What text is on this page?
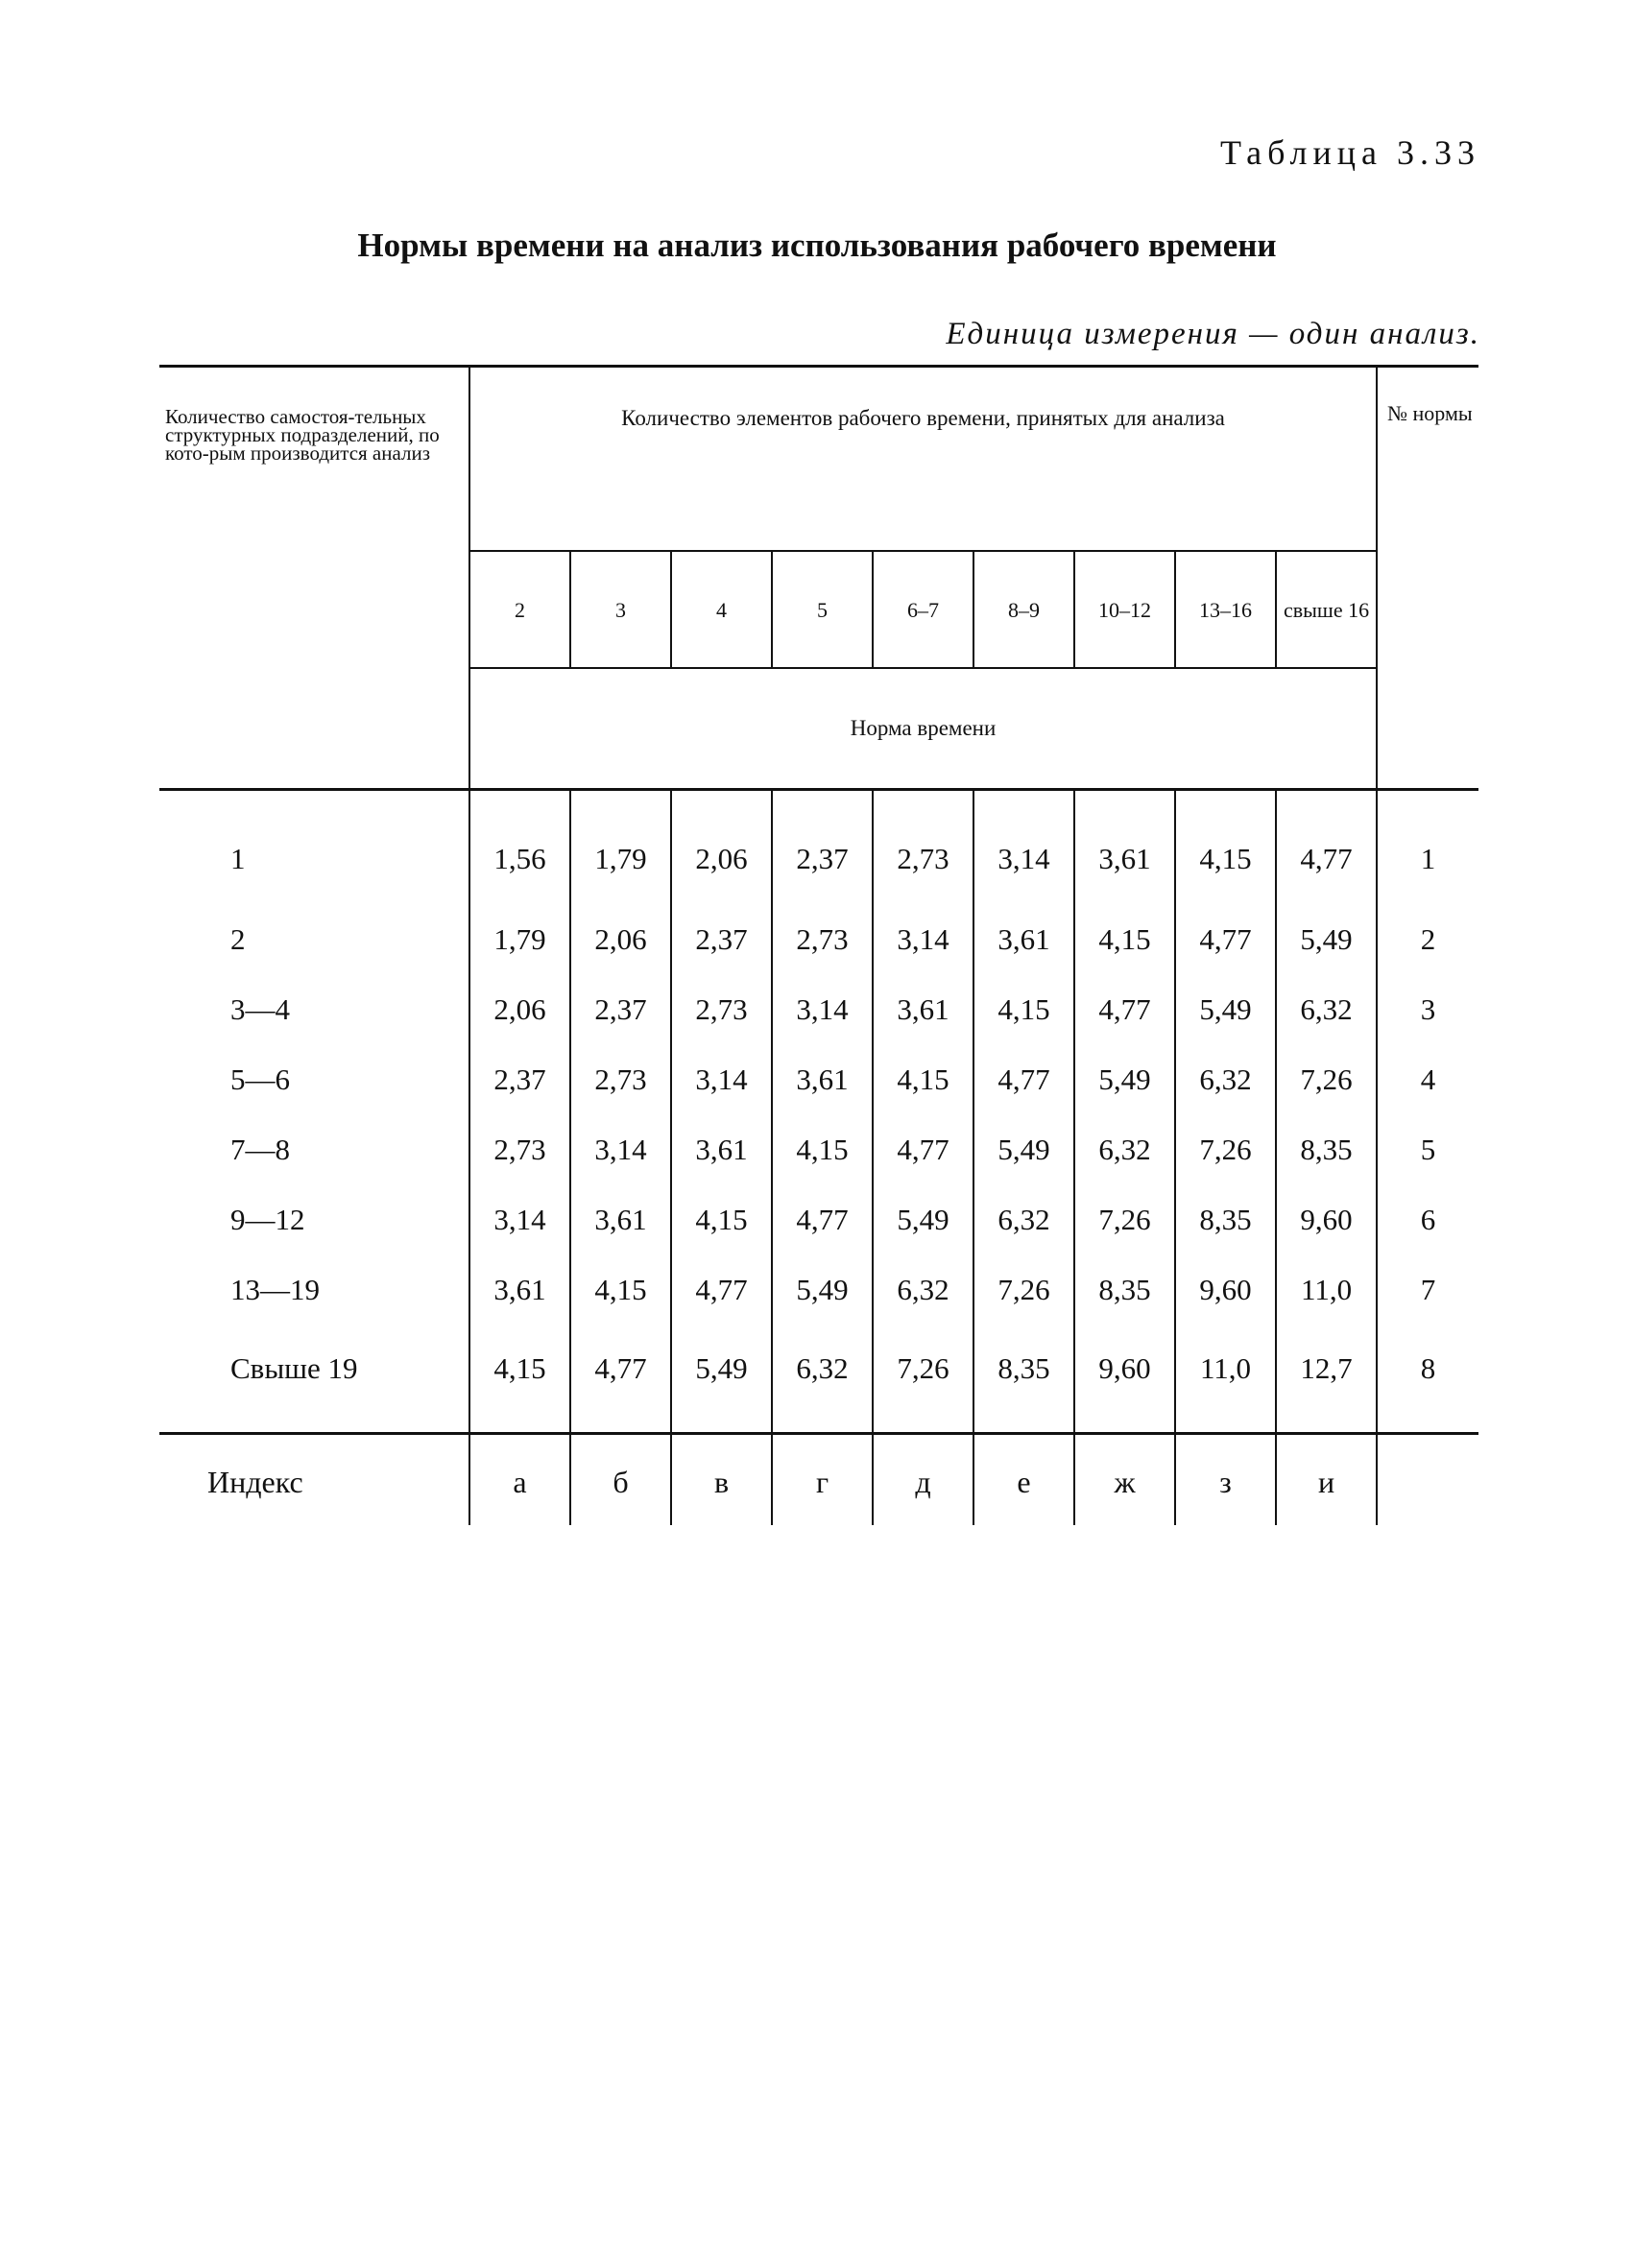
Таблица 3.33
Нормы времени на анализ использования рабочего времени
Единица измерения — один анализ.
Количество самостоя-тельных структурных подразделений, по кото-рым производится анализ	Количество элементов рабочего времени, принятых для анализа									№ нормы
	2	3	4	5	6–7	8–9	10–12	13–16	свыше 16	
	Норма времени									
1	1,56	1,79	2,06	2,37	2,73	3,14	3,61	4,15	4,77	1
2	1,79	2,06	2,37	2,73	3,14	3,61	4,15	4,77	5,49	2
3—4	2,06	2,37	2,73	3,14	3,61	4,15	4,77	5,49	6,32	3
5—6	2,37	2,73	3,14	3,61	4,15	4,77	5,49	6,32	7,26	4
7—8	2,73	3,14	3,61	4,15	4,77	5,49	6,32	7,26	8,35	5
9—12	3,14	3,61	4,15	4,77	5,49	6,32	7,26	8,35	9,60	6
13—19	3,61	4,15	4,77	5,49	6,32	7,26	8,35	9,60	11,0	7
Свыше 19	4,15	4,77	5,49	6,32	7,26	8,35	9,60	11,0	12,7	8
Индекс	а	б	в	г	д	е	ж	з	и	
